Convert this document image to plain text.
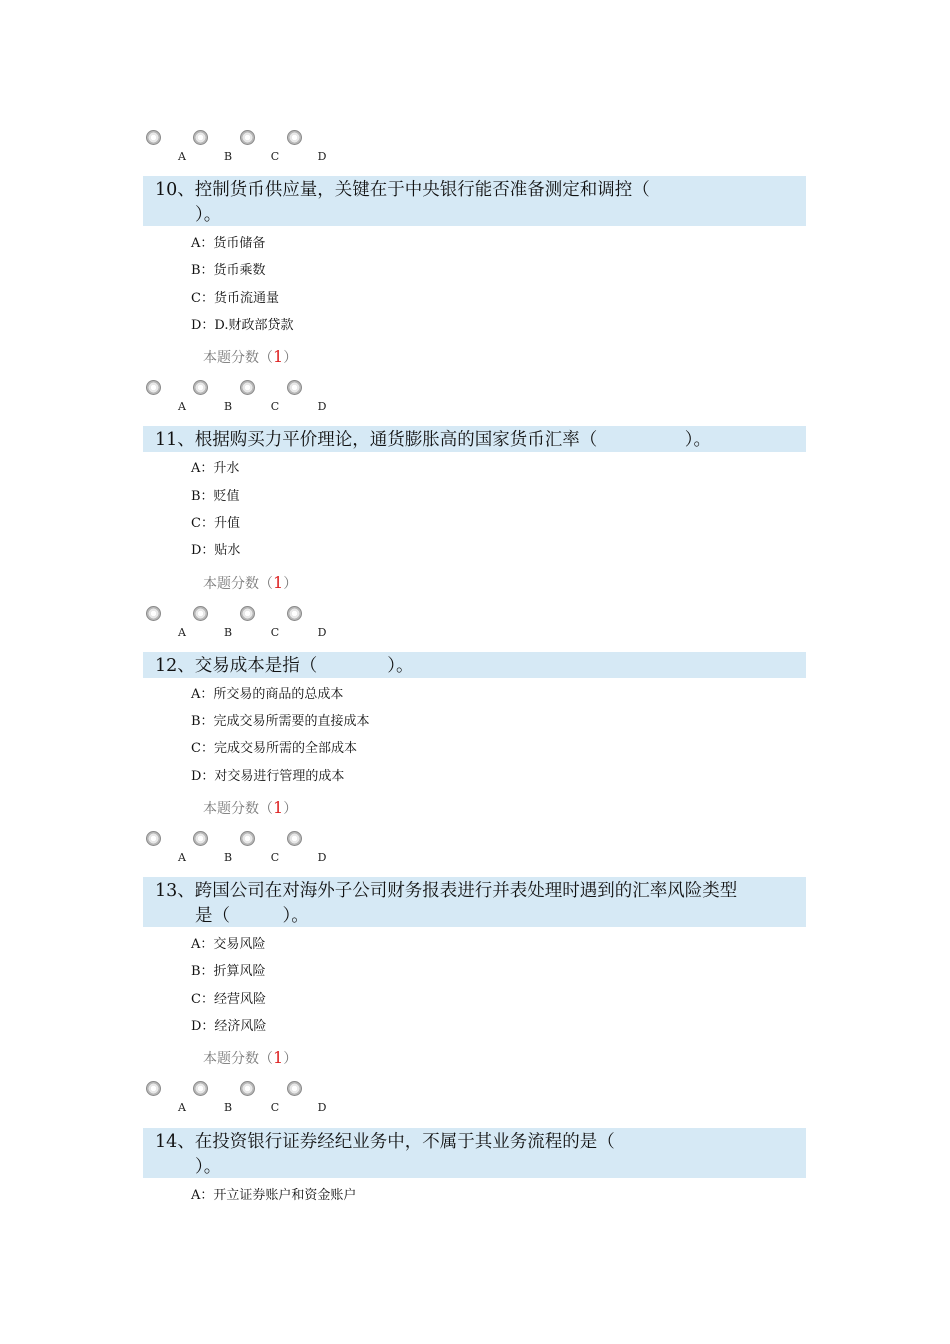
A	B	C	D
10、控制货币供应量，关键在于中央银行能否准备测定和调控（
）。
A：货币储备
B：货币乘数
C：货币流通量
D：D.财政部贷款
本题分数（1）
A	B	C	D
11、根据购买力平价理论，通货膨胀高的国家货币汇率（　　　　　）。
A：升水
B：贬值
C：升值
D：贴水
本题分数（1）
A	B	C	D
12、交易成本是指（　　　　）。
A：所交易的商品的总成本
B：完成交易所需要的直接成本
C：完成交易所需的全部成本
D：对交易进行管理的成本
本题分数（1）
A	B	C	D
13、跨国公司在对海外子公司财务报表进行并表处理时遇到的汇率风险类型
是（　　　）。
A：交易风险
B：折算风险
C：经营风险
D：经济风险
本题分数（1）
A	B	C	D
14、在投资银行证券经纪业务中，不属于其业务流程的是（
）。
A：开立证券账户和资金账户
